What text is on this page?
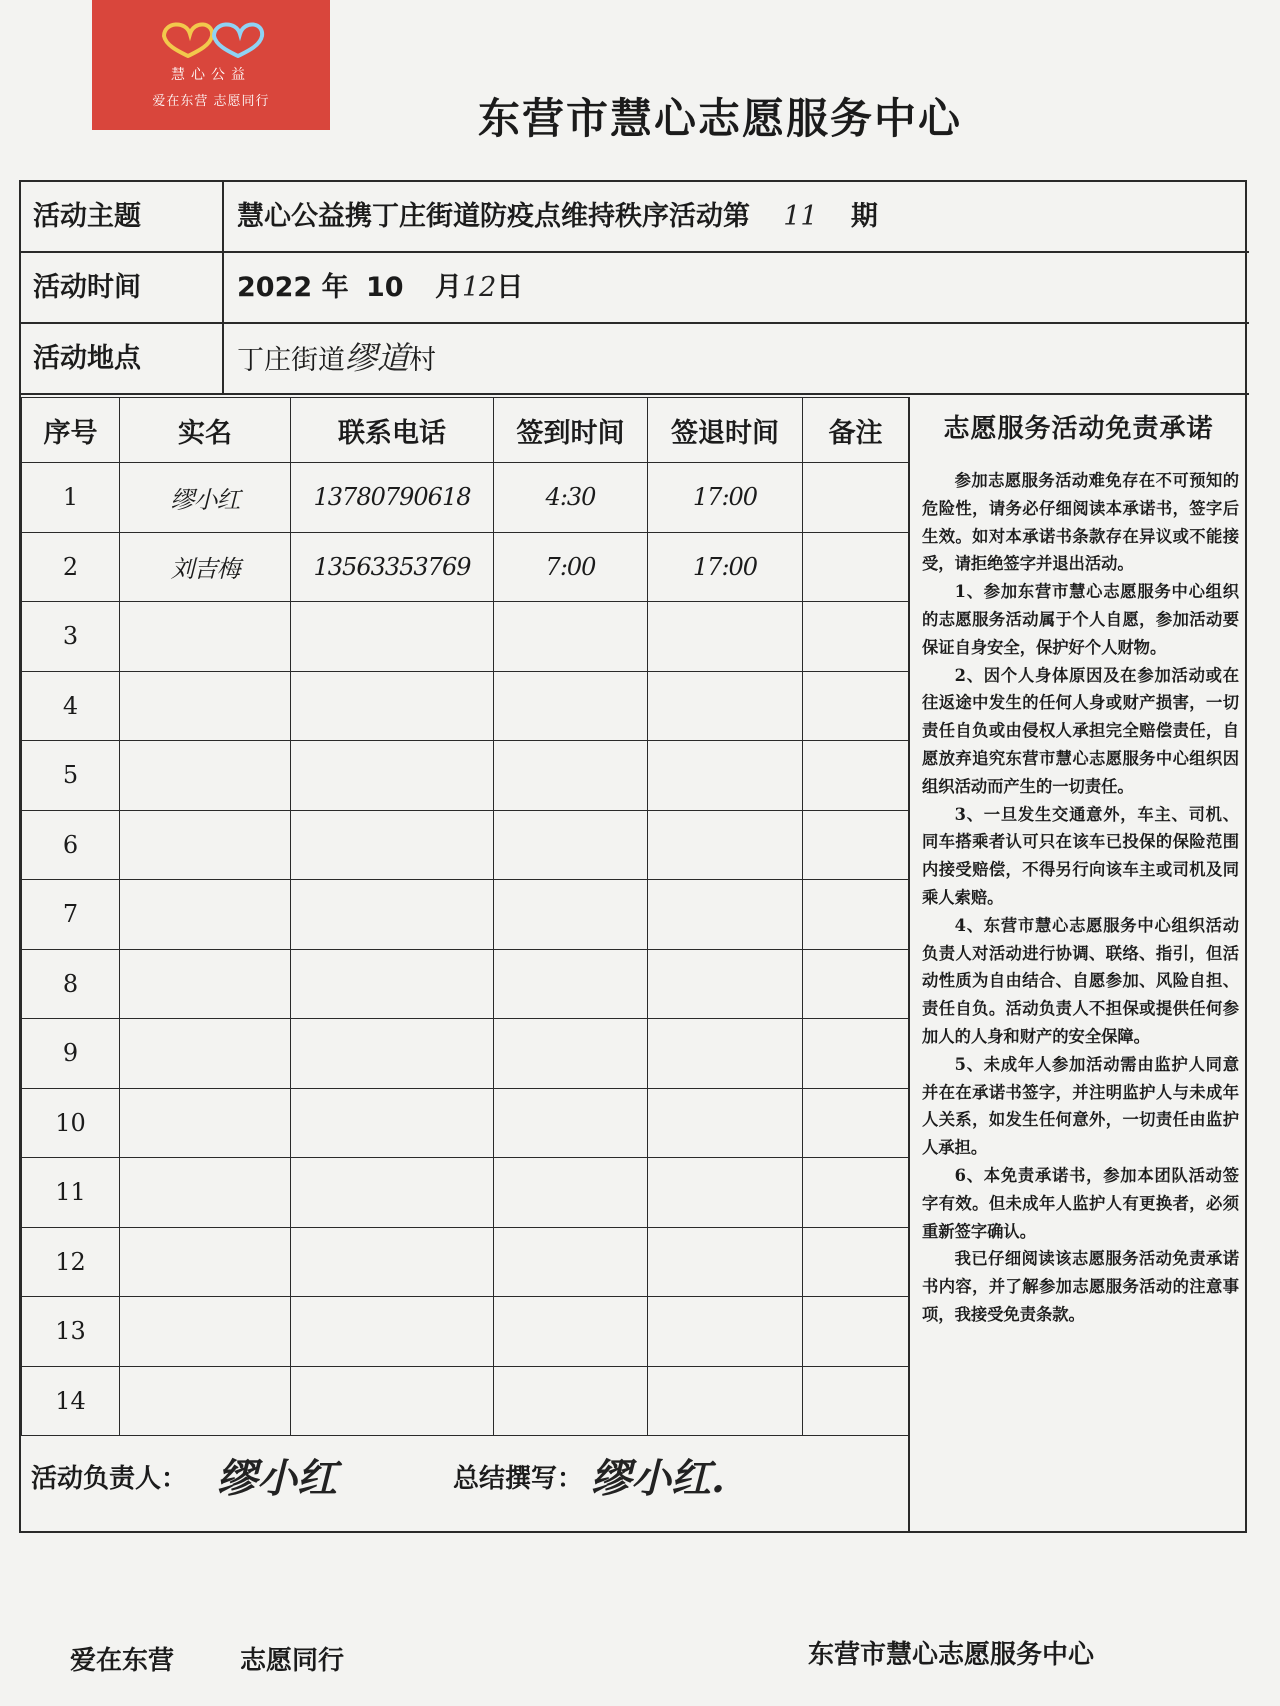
慧心公益
爱在东营 志愿同行	东营市慧心志愿服务中心
活动主题	慧心公益携丁庄街道防疫点维持秩序活动第 11 期
活动时间	2022 年 10 月12日
活动地点	丁庄街道缪道村
序号	实名	联系电话	签到时间	签退时间	备注
1	缪小红	13780790618	4:30	17:00	
2	刘吉梅	13563353769	7:00	17:00	
3					
4					
5					
6					
7					
8					
9					
10					
11					
12					
13					
14					
志愿服务活动免责承诺

参加志愿服务活动难免存在不可预知的危险性，请务必仔细阅读本承诺书，签字后生效。如对本承诺书条款存在异议或不能接受，请拒绝签字并退出活动。

1、参加东营市慧心志愿服务中心组织的志愿服务活动属于个人自愿，参加活动要保证自身安全，保护好个人财物。

2、因个人身体原因及在参加活动或在往返途中发生的任何人身或财产损害，一切责任自负或由侵权人承担完全赔偿责任，自愿放弃追究东营市慧心志愿服务中心组织因组织活动而产生的一切责任。

3、一旦发生交通意外，车主、司机、同车搭乘者认可只在该车已投保的保险范围内接受赔偿，不得另行向该车主或司机及同乘人索赔。

4、东营市慧心志愿服务中心组织活动负责人对活动进行协调、联络、指引，但活动性质为自由结合、自愿参加、风险自担、责任自负。活动负责人不担保或提供任何参加人的人身和财产的安全保障。

5、未成年人参加活动需由监护人同意并在在承诺书签字，并注明监护人与未成年人关系，如发生任何意外，一切责任由监护人承担。

6、本免责承诺书，参加本团队活动签字有效。但未成年人监护人有更换者，必须重新签字确认。

我已仔细阅读该志愿服务活动免责承诺书内容，并了解参加志愿服务活动的注意事项，我接受免责条款。

活动负责人： 缪小红	总结撰写： 缪小红.
爱在东营	志愿同行	东营市慧心志愿服务中心
